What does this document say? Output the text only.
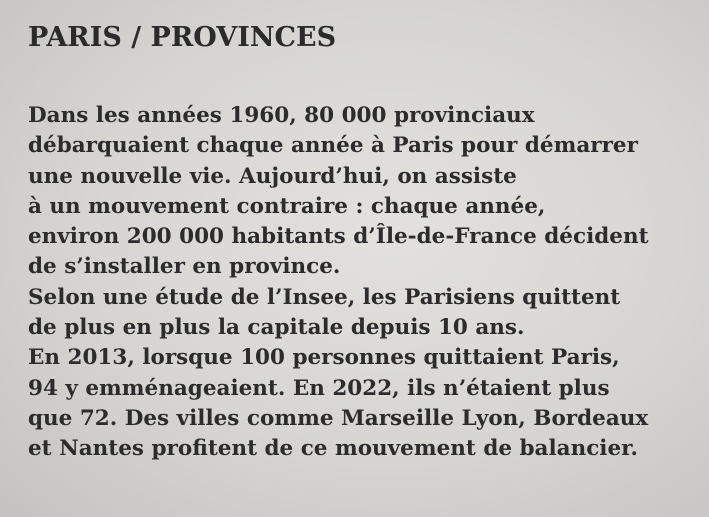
PARIS / PROVINCES
Dans les années 1960, 80 000 provinciaux
débarquaient chaque année à Paris pour démarrer
une nouvelle vie. Aujourd’hui, on assiste
à un mouvement contraire : chaque année,
environ 200 000 habitants d’Île-de-France décident
de s’installer en province.
Selon une étude de l’Insee, les Parisiens quittent
de plus en plus la capitale depuis 10 ans.
En 2013, lorsque 100 personnes quittaient Paris,
94 y emménageaient. En 2022, ils n’étaient plus
que 72. Des villes comme Marseille Lyon, Bordeaux
et Nantes profitent de ce mouvement de balancier.
